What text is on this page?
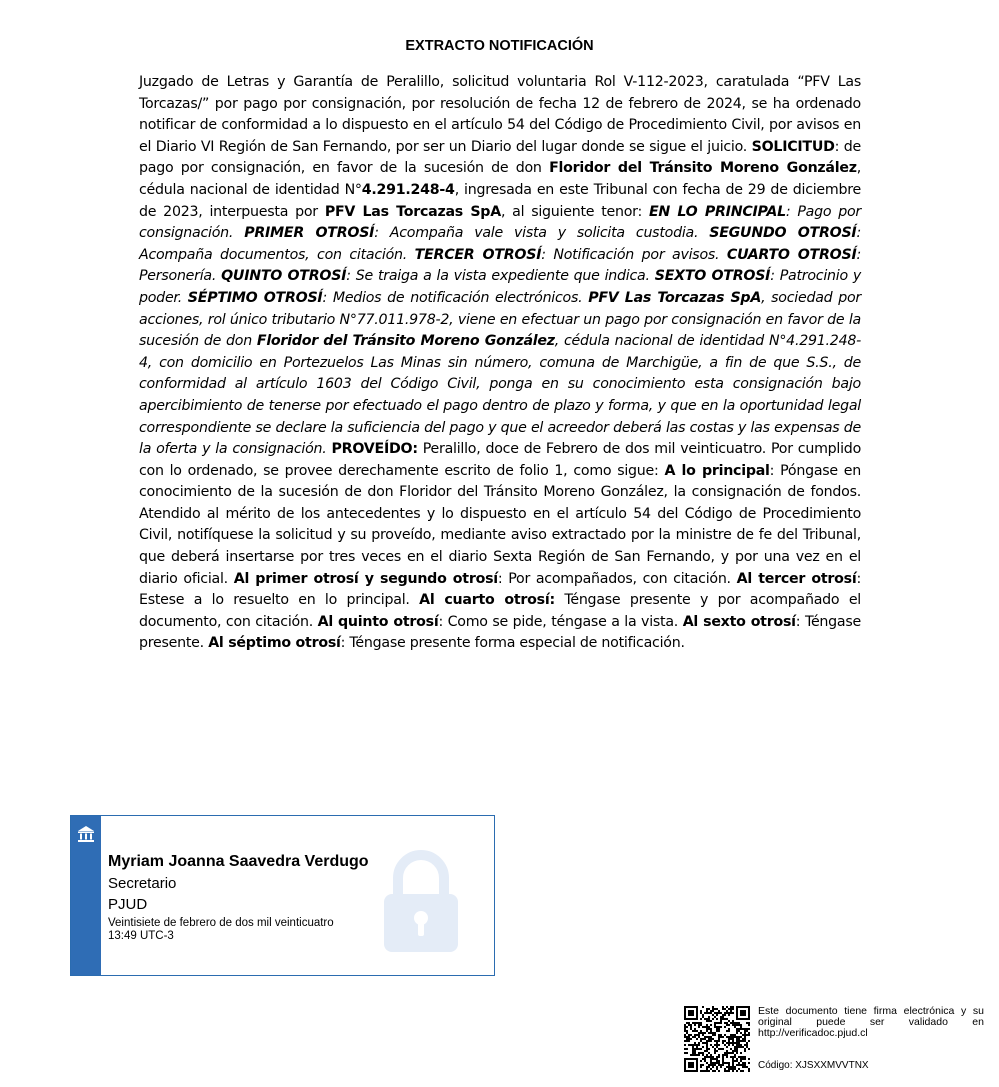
EXTRACTO NOTIFICACIÓN
Juzgado de Letras y Garantía de Peralillo, solicitud voluntaria Rol V-112-2023, caratulada “PFV Las Torcazas/” por pago por consignación, por resolución de fecha 12 de febrero de 2024, se ha ordenado notificar de conformidad a lo dispuesto en el artículo 54 del Código de Procedimiento Civil, por avisos en el Diario VI Región de San Fernando, por ser un Diario del lugar donde se sigue el juicio. SOLICITUD: de pago por consignación, en favor de la sucesión de don Floridor del Tránsito Moreno González, cédula nacional de identidad N°4.291.248-4, ingresada en este Tribunal con fecha de 29 de diciembre de 2023, interpuesta por PFV Las Torcazas SpA, al siguiente tenor: EN LO PRINCIPAL: Pago por consignación. PRIMER OTROSÍ: Acompaña vale vista y solicita custodia. SEGUNDO OTROSÍ: Acompaña documentos, con citación. TERCER OTROSÍ: Notificación por avisos. CUARTO OTROSÍ: Personería. QUINTO OTROSÍ: Se traiga a la vista expediente que indica. SEXTO OTROSÍ: Patrocinio y poder. SÉPTIMO OTROSÍ: Medios de notificación electrónicos. PFV Las Torcazas SpA, sociedad por acciones, rol único tributario N°77.011.978-2, viene en efectuar un pago por consignación en favor de la sucesión de don Floridor del Tránsito Moreno González, cédula nacional de identidad N°4.291.248-4, con domicilio en Portezuelos Las Minas sin número, comuna de Marchigüe, a fin de que S.S., de conformidad al artículo 1603 del Código Civil, ponga en su conocimiento esta consignación bajo apercibimiento de tenerse por efectuado el pago dentro de plazo y forma, y que en la oportunidad legal correspondiente se declare la suficiencia del pago y que el acreedor deberá las costas y las expensas de la oferta y la consignación. PROVEÍDO: Peralillo, doce de Febrero de dos mil veinticuatro. Por cumplido con lo ordenado, se provee derechamente escrito de folio 1, como sigue: A lo principal: Póngase en conocimiento de la sucesión de don Floridor del Tránsito Moreno González, la consignación de fondos. Atendido al mérito de los antecedentes y lo dispuesto en el artículo 54 del Código de Procedimiento Civil, notifíquese la solicitud y su proveído, mediante aviso extractado por la ministre de fe del Tribunal, que deberá insertarse por tres veces en el diario Sexta Región de San Fernando, y por una vez en el diario oficial. Al primer otrosí y segundo otrosí: Por acompañados, con citación. Al tercer otrosí: Estese a lo resuelto en lo principal. Al cuarto otrosí: Téngase presente y por acompañado el documento, con citación. Al quinto otrosí: Como se pide, téngase a la vista. Al sexto otrosí: Téngase presente. Al séptimo otrosí: Téngase presente forma especial de notificación.
Myriam Joanna Saavedra Verdugo
Secretario
PJUD
Veintisiete de febrero de dos mil veinticuatro
13:49 UTC-3
Este documento tiene firma electrónica y su original puede ser validado en http://verificadoc.pjud.cl
Código: XJSXXMVVTNX
